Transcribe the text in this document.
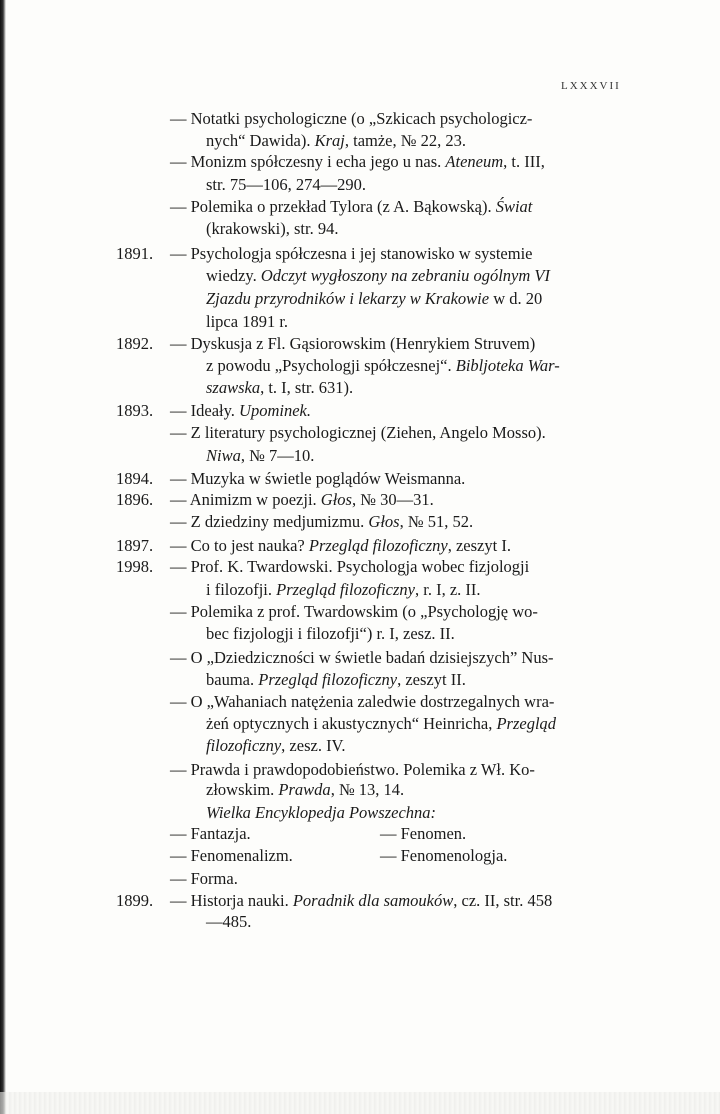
LXXXVII
— Notatki psychologiczne (o „Szkicach psychologicz-
nych“ Dawida). Kraj, tamże, № 22, 23.
— Monizm spółczesny i echa jego u nas. Ateneum, t. III,
str. 75—106, 274—290.
— Polemika o przekład Tylora (z A. Bąkowską). Świat
(krakowski), str. 94.
1891. — Psychologja spółczesna i jej stanowisko w systemie
wiedzy. Odczyt wygłoszony na zebraniu ogólnym VI
Zjazdu przyrodników i lekarzy w Krakowie w d. 20
lipca 1891 r.
1892. — Dyskusja z Fl. Gąsiorowskim (Henrykiem Struvem)
z powodu „Psychologji spółczesnej“. Bibljoteka War-
szawska, t. I, str. 631).
1893. — Ideały. Upominek.
— Z literatury psychologicznej (Ziehen, Angelo Mosso).
Niwa, № 7—10.
1894. — Muzyka w świetle poglądów Weismanna.
1896. — Animizm w poezji. Głos, № 30—31.
— Z dziedziny medjumizmu. Głos, № 51, 52.
1897. — Co to jest nauka? Przegląd filozoficzny, zeszyt I.
1998. — Prof. K. Twardowski. Psychologja wobec fizjologji
i filozofji. Przegląd filozoficzny, r. I, z. II.
— Polemika z prof. Twardowskim (o „Psychologję wo-
bec fizjologji i filozofji“) r. I, zesz. II.
— O „Dziedziczności w świetle badań dzisiejszych” Nus-
bauma. Przegląd filozoficzny, zeszyt II.
— O „Wahaniach natężenia zaledwie dostrzegalnych wra-
żeń optycznych i akustycznych“ Heinricha, Przegląd
filozoficzny, zesz. IV.
— Prawda i prawdopodobieństwo. Polemika z Wł. Ko-
złowskim. Prawda, № 13, 14.
Wielka Encyklopedja Powszechna:
— Fantazja.	— Fenomen.
— Fenomenalizm.	— Fenomenologja.
— Forma.
1899. — Historja nauki. Poradnik dla samouków, cz. II, str. 458
—485.
